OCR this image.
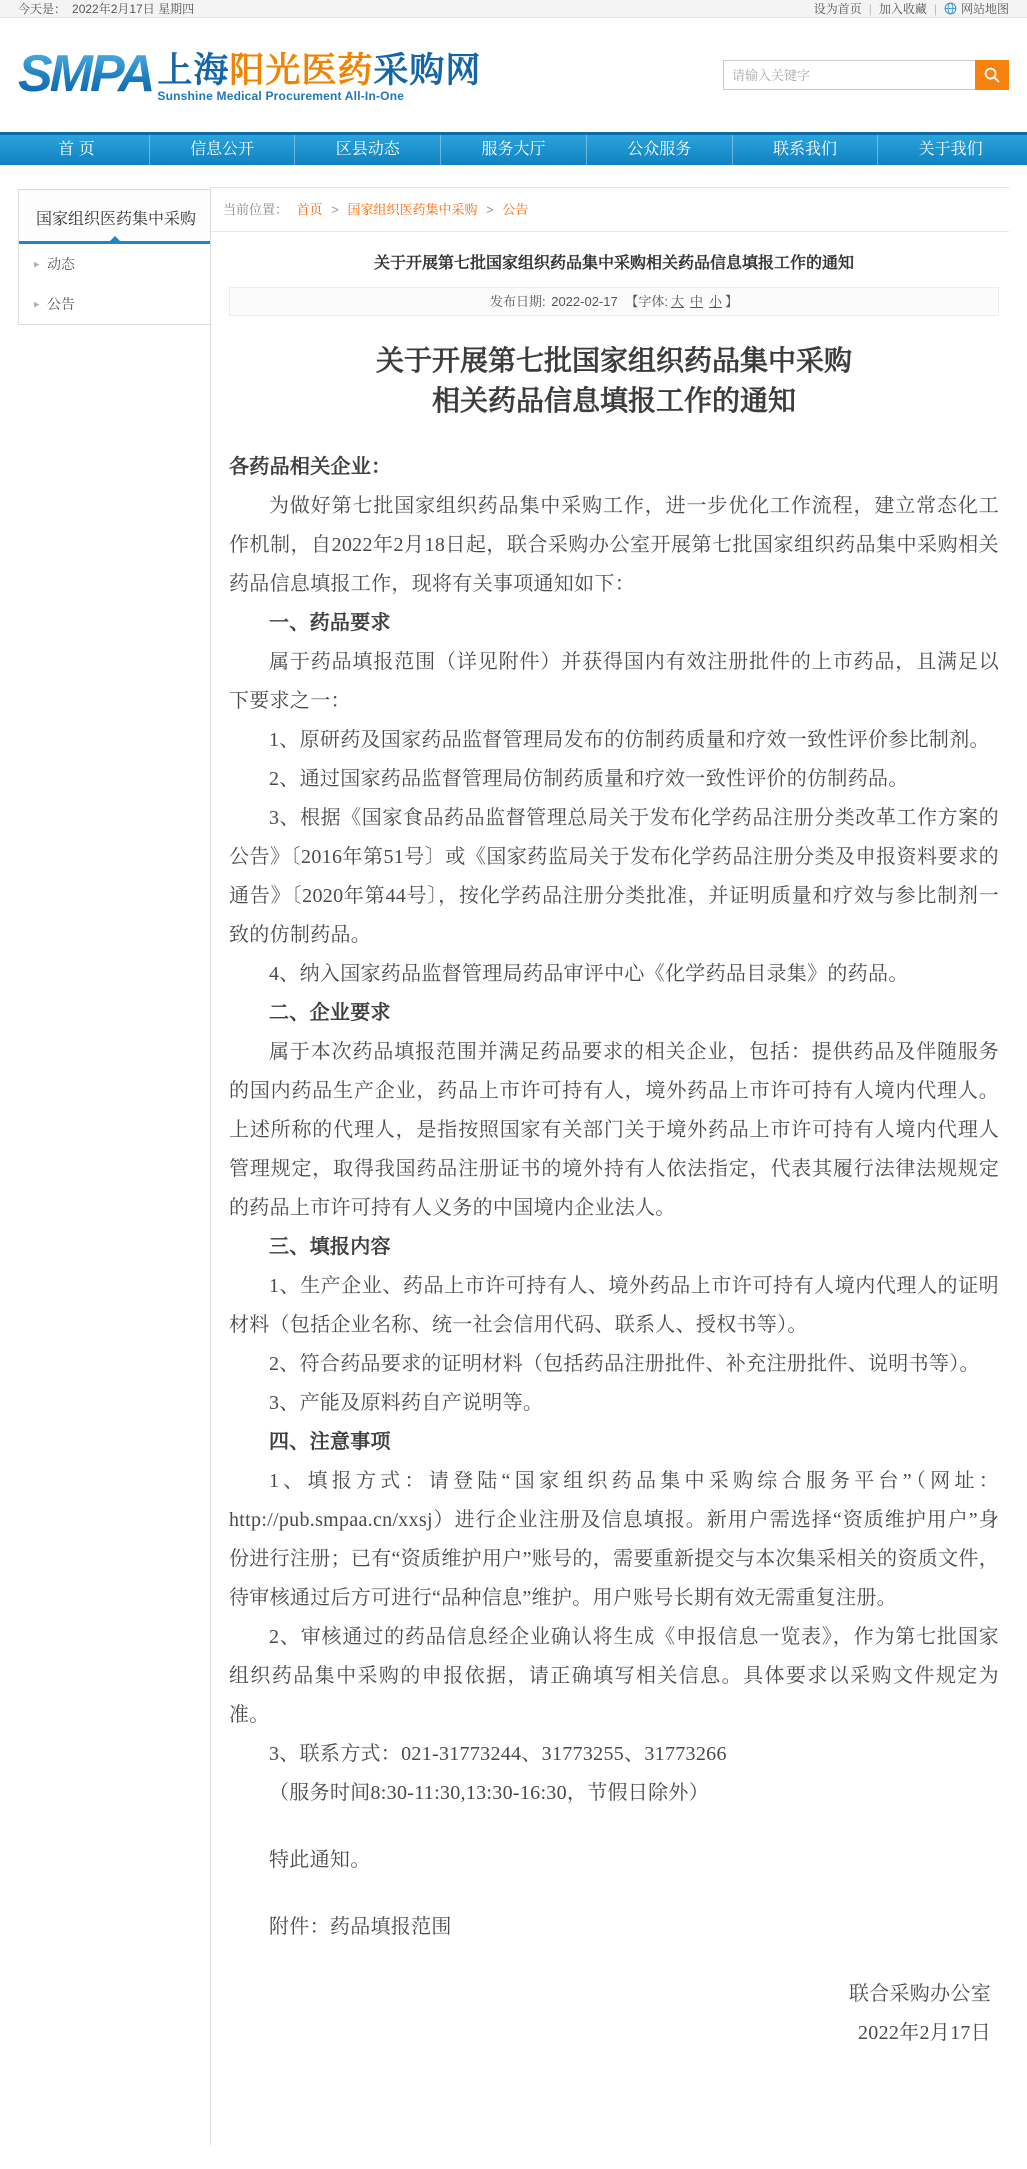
今天是： 2022年2月17日 星期四	设为首页 | 加入收藏 | 网站地图
SMPA 上海阳光医药采购网
Sunshine Medical Procurement All-In-One
请输入关键字
首 页	信息公开	区县动态	服务大厅	公众服务	联系我们	关于我们
国家组织医药集中采购
▸ 动态
▸ 公告
当前位置： 首页 > 国家组织医药集中采购 > 公告
关于开展第七批国家组织药品集中采购相关药品信息填报工作的通知
发布日期: 2022-02-17 【字体: 大 中 小 】
关于开展第七批国家组织药品集中采购
相关药品信息填报工作的通知
各药品相关企业：
为做好第七批国家组织药品集中采购工作，进一步优化工作流程，建立常态化工作机制，自2022年2月18日起，联合采购办公室开展第七批国家组织药品集中采购相关药品信息填报工作，现将有关事项通知如下：
一、药品要求
属于药品填报范围（详见附件）并获得国内有效注册批件的上市药品，且满足以下要求之一：
1、原研药及国家药品监督管理局发布的仿制药质量和疗效一致性评价参比制剂。
2、通过国家药品监督管理局仿制药质量和疗效一致性评价的仿制药品。
3、根据《国家食品药品监督管理总局关于发布化学药品注册分类改革工作方案的公告》〔2016年第51号〕或《国家药监局关于发布化学药品注册分类及申报资料要求的通告》〔2020年第44号〕，按化学药品注册分类批准，并证明质量和疗效与参比制剂一致的仿制药品。
4、纳入国家药品监督管理局药品审评中心《化学药品目录集》的药品。
二、企业要求
属于本次药品填报范围并满足药品要求的相关企业，包括：提供药品及伴随服务的国内药品生产企业，药品上市许可持有人，境外药品上市许可持有人境内代理人。上述所称的代理人，是指按照国家有关部门关于境外药品上市许可持有人境内代理人管理规定，取得我国药品注册证书的境外持有人依法指定，代表其履行法律法规规定的药品上市许可持有人义务的中国境内企业法人。
三、填报内容
1、生产企业、药品上市许可持有人、境外药品上市许可持有人境内代理人的证明材料（包括企业名称、统一社会信用代码、联系人、授权书等）。
2、符合药品要求的证明材料（包括药品注册批件、补充注册批件、说明书等）。
3、产能及原料药自产说明等。
四、注意事项
1、填报方式：请登陆“国家组织药品集中采购综合服务平台”（网址：http://pub.smpaa.cn/xxsj）进行企业注册及信息填报。新用户需选择“资质维护用户”身份进行注册；已有“资质维护用户”账号的，需要重新提交与本次集采相关的资质文件，待审核通过后方可进行“品种信息”维护。用户账号长期有效无需重复注册。
2、审核通过的药品信息经企业确认将生成《申报信息一览表》，作为第七批国家组织药品集中采购的申报依据，请正确填写相关信息。具体要求以采购文件规定为准。
3、联系方式：021-31773244、31773255、31773266
（服务时间8:30-11:30,13:30-16:30，节假日除外）
特此通知。
附件：药品填报范围
联合采购办公室
2022年2月17日
